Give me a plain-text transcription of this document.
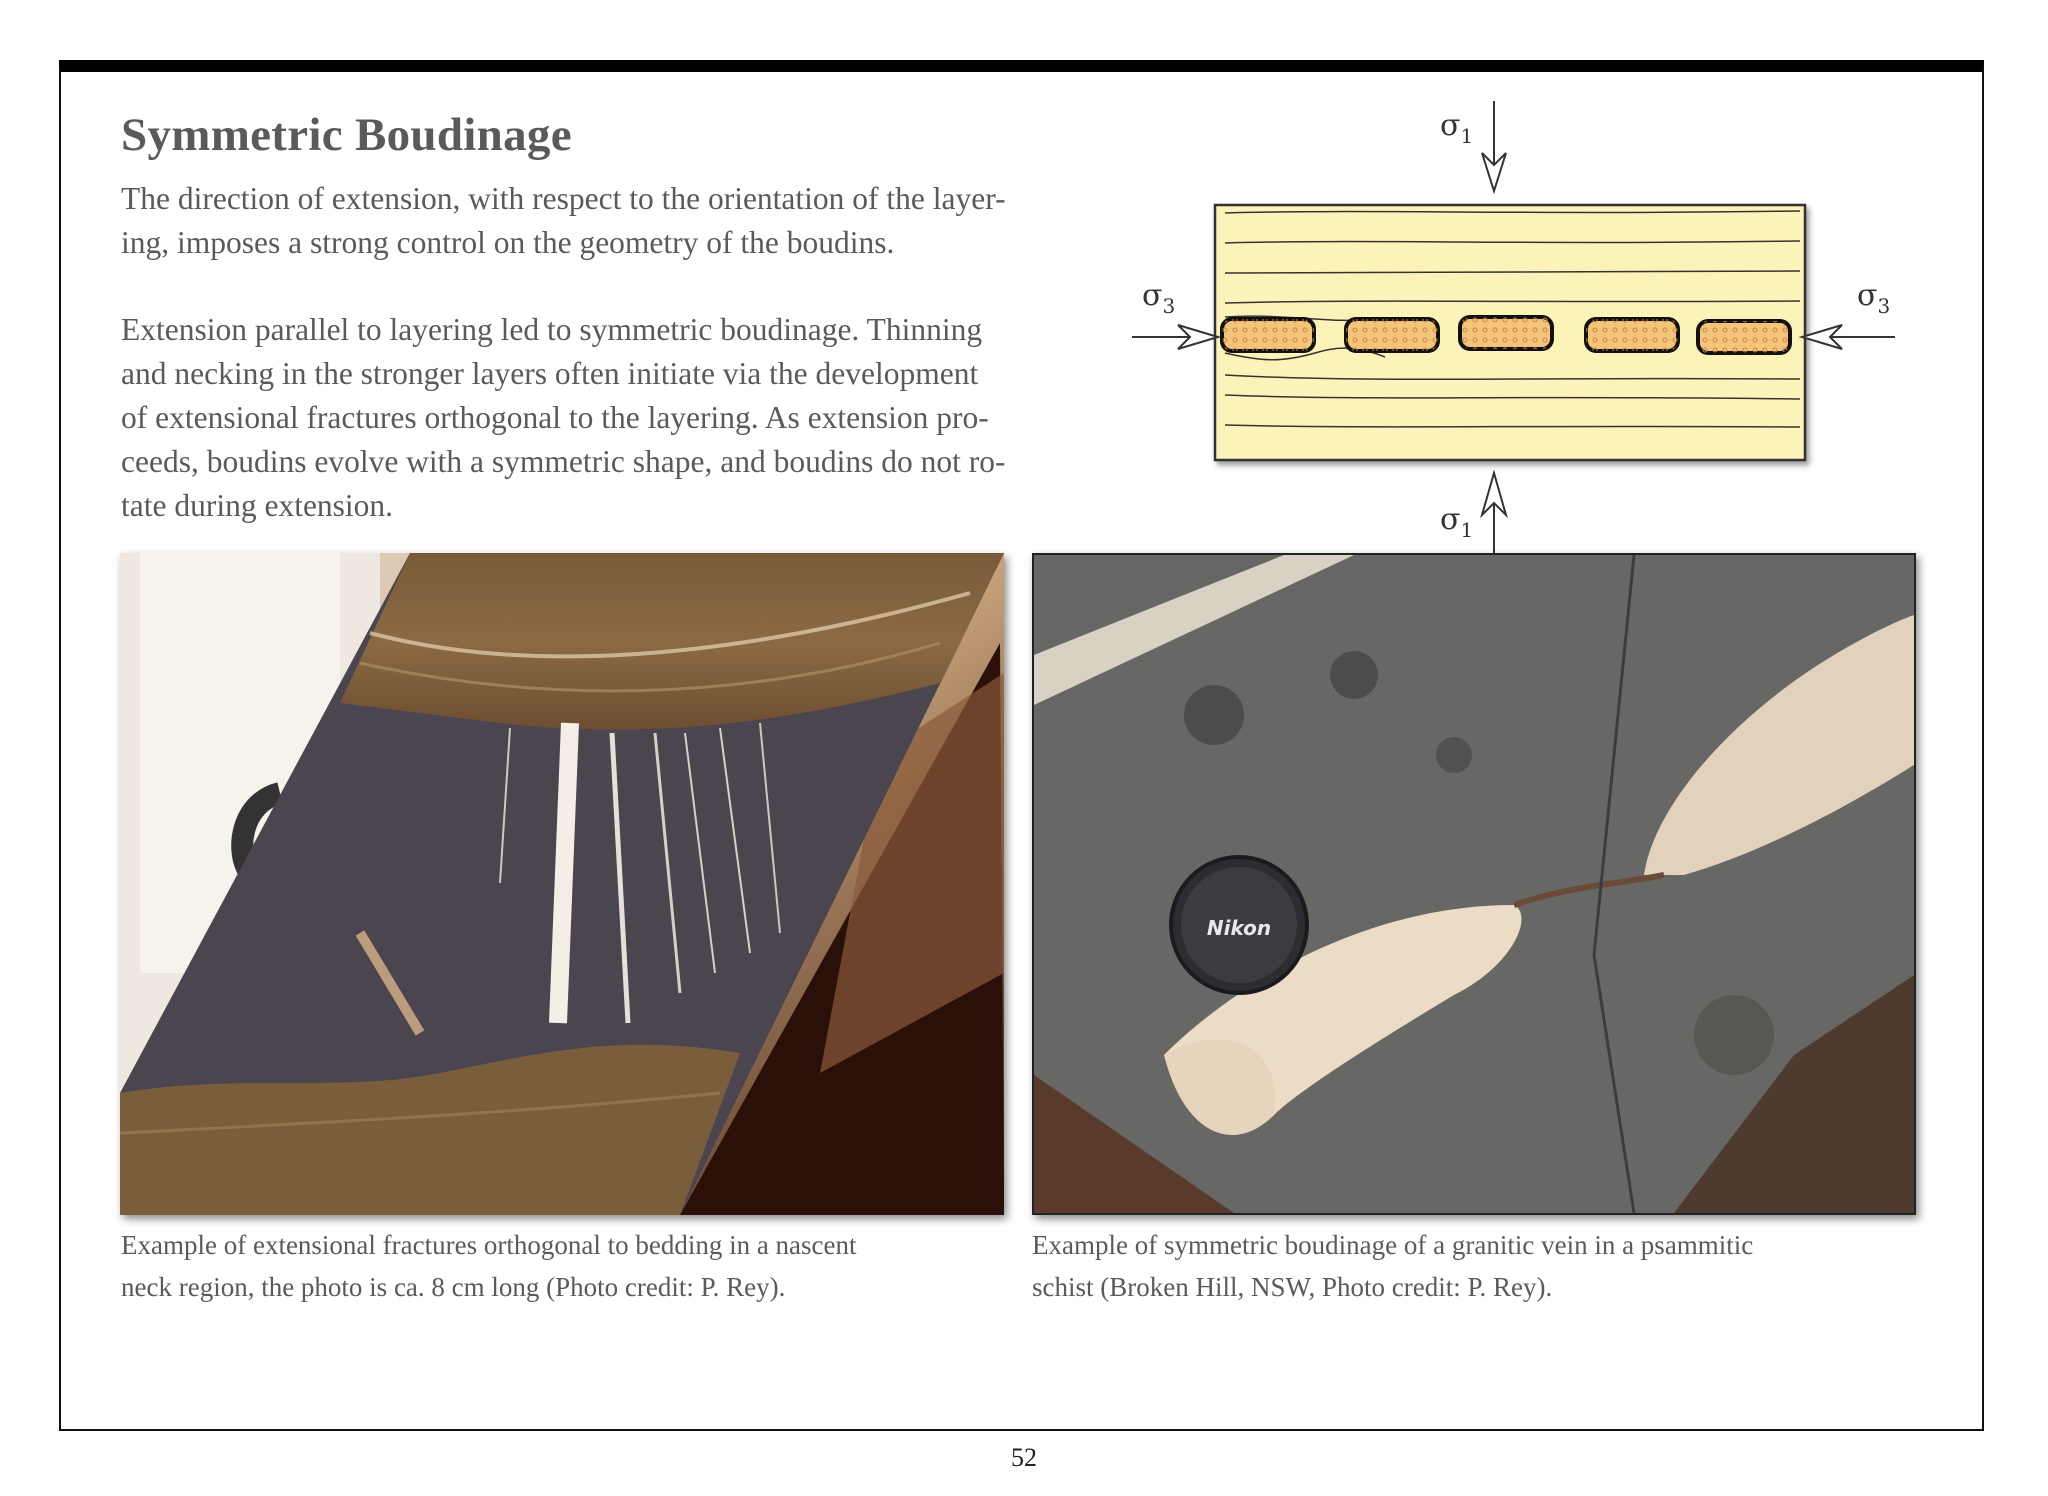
Symmetric Boudinage

The direction of extension, with respect to the orientation of the layer-
ing, imposes a strong control on the geometry of the boudins.

Extension parallel to layering led to symmetric boudinage. Thinning
and necking in the stronger layers often initiate via the development
of extensional fractures orthogonal to the layering. As extension pro-
ceeds, boudins evolve with a symmetric shape, and boudins do not ro-
tate during extension.

$\sigma_1$
$\sigma_3$	$\sigma_3$
$\sigma_1$
Nikon

Example of extensional fractures orthogonal to bedding in a nascent
neck region, the photo is ca. 8 cm long (Photo credit: P. Rey).

Example of symmetric boudinage of a granitic vein in a psammitic
schist (Broken Hill, NSW, Photo credit: P. Rey).

52
